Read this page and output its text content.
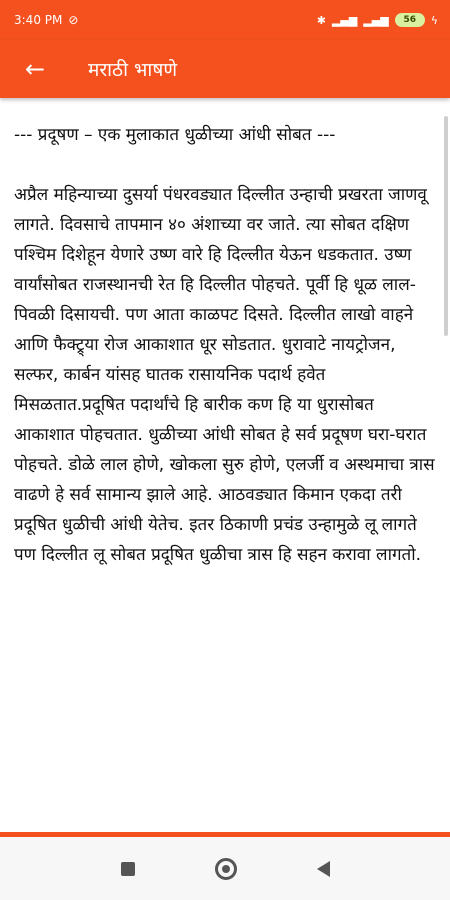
3:40 PM ⊘	✱ ▂▄▆ ▂▄▆ 56 ϟ
← मराठी भाषणे

--- प्रदूषण – एक मुलाकात धुळीच्या आंधी सोबत ---

अप्रैल महिन्याच्या दुसर्या पंधरवड्यात दिल्लीत उन्हाची प्रखरता जाणवू लागते. दिवसाचे तापमान ४० अंशाच्या वर जाते. त्या सोबत दक्षिण पश्चिम दिशेहून येणारे उष्ण वारे हि दिल्लीत येऊन धडकतात. उष्ण वार्यांसोबत राजस्थानची रेत हि दिल्लीत पोहचते. पूर्वी हि धूळ लाल-पिवळी दिसायची. पण आता काळपट दिसते. दिल्लीत लाखो वाहने आणि फैक्ट्र्या रोज आकाशात धूर सोडतात. धुरावाटे नायट्रोजन, सल्फर, कार्बन यांसह घातक रासायनिक पदार्थ हवेत मिसळतात.प्रदूषित पदार्थांचे हि बारीक कण हि या धुरासोबत आकाशात पोहचतात. धुळीच्या आंधी सोबत हे सर्व प्रदूषण घरा-घरात पोहचते. डोळे लाल होणे, खोकला सुरु होणे, एलर्जी व अस्थमाचा त्रास वाढणे हे सर्व सामान्य झाले आहे. आठवड्यात किमान एकदा तरी प्रदूषित धुळीची आंधी येतेच. इतर ठिकाणी प्रचंड उन्हामुळे लू लागते पण दिल्लीत लू सोबत प्रदूषित धुळीचा त्रास हि सहन करावा लागतो.
